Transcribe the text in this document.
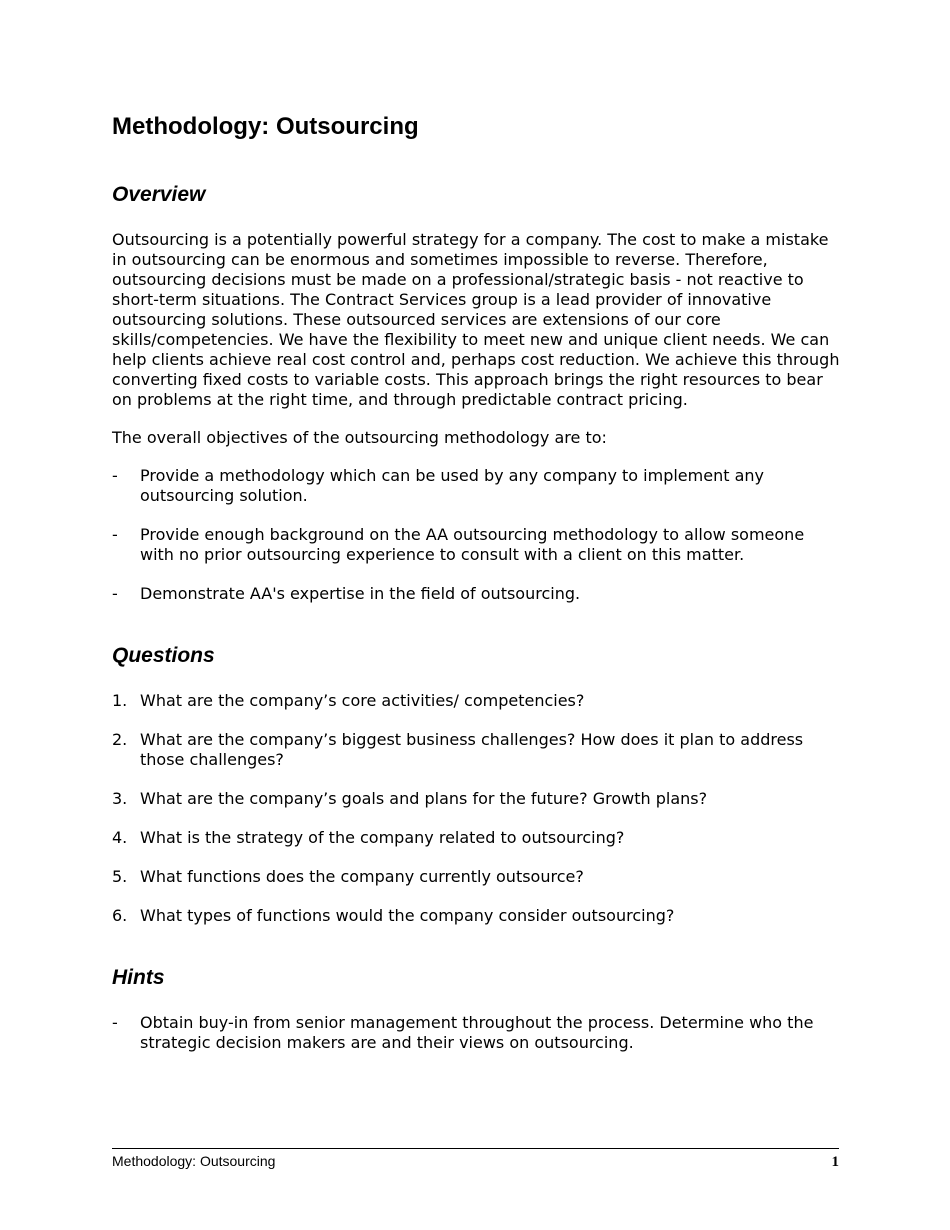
Methodology: Outsourcing
Overview

Outsourcing is a potentially powerful strategy for a company. The cost to make a mistake in outsourcing can be enormous and sometimes impossible to reverse. Therefore, outsourcing decisions must be made on a professional/strategic basis - not reactive to short-term situations. The Contract Services group is a lead provider of innovative outsourcing solutions. These outsourced services are extensions of our core skills/competencies. We have the flexibility to meet new and unique client needs. We can help clients achieve real cost control and, perhaps cost reduction. We achieve this through converting fixed costs to variable costs. This approach brings the right resources to bear on problems at the right time, and through predictable contract pricing.

The overall objectives of the outsourcing methodology are to:

-	Provide a methodology which can be used by any company to implement any outsourcing solution.
-	Provide enough background on the AA outsourcing methodology to allow someone with no prior outsourcing experience to consult with a client on this matter.
-	Demonstrate AA's expertise in the field of outsourcing.
Questions
1. What are the company’s core activities/ competencies?
2. What are the company’s biggest business challenges? How does it plan to address those challenges?
3. What are the company’s goals and plans for the future? Growth plans?
4. What is the strategy of the company related to outsourcing?
5. What functions does the company currently outsource?
6. What types of functions would the company consider outsourcing?
Hints
-	Obtain buy-in from senior management throughout the process. Determine who the strategic decision makers are and their views on outsourcing.
Methodology: Outsourcing	1
